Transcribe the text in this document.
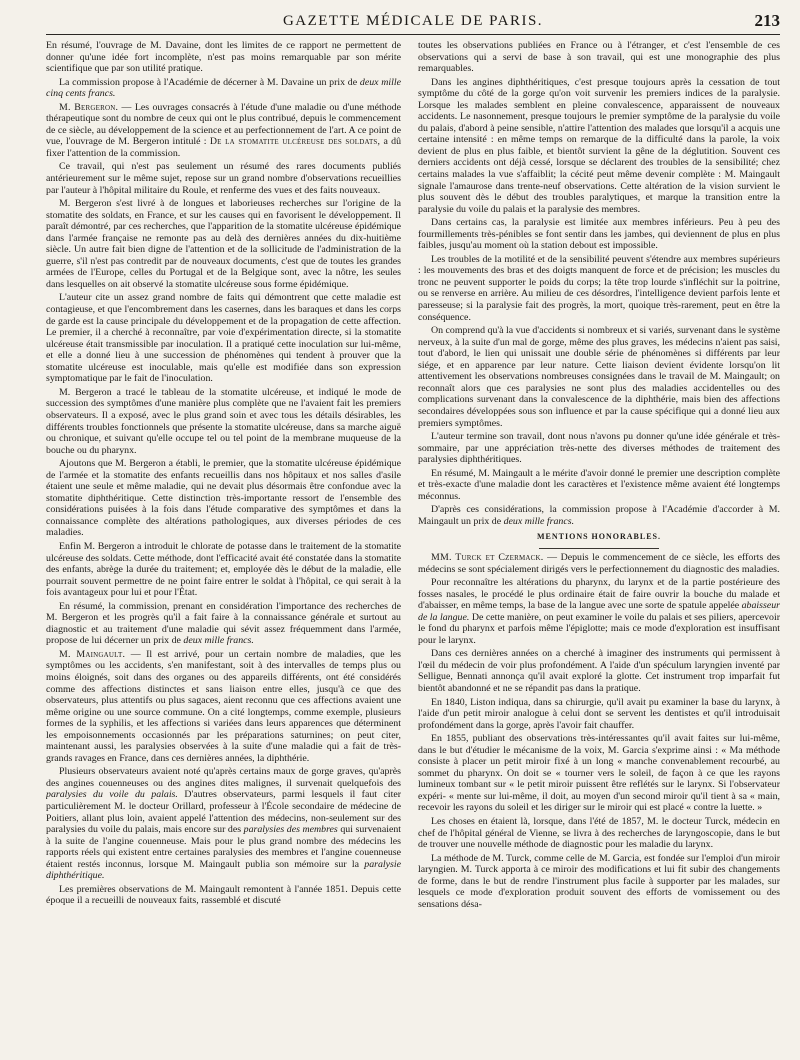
GAZETTE MÉDICALE DE PARIS.	213

En résumé, l'ouvrage de M. Davaine, dont les limites de ce rapport ne permettent de donner qu'une idée fort incomplète, n'est pas moins remarquable par son mérite scientifique que par son utilité pratique.

La commission propose à l'Académie de décerner à M. Davaine un prix de deux mille cinq cents francs.

M. Bergeron. — Les ouvrages consacrés à l'étude d'une maladie ou d'une méthode thérapeutique sont du nombre de ceux qui ont le plus contribué, depuis le commencement de ce siècle, au développement de la science et au perfectionnement de l'art. A ce point de vue, l'ouvrage de M. Bergeron intitulé : De la stomatite ulcéreuse des soldats, a dû fixer l'attention de la commission.

Ce travail, qui n'est pas seulement un résumé des rares documents publiés antérieurement sur le même sujet, repose sur un grand nombre d'observations recueillies par l'auteur à l'hôpital militaire du Roule, et renferme des vues et des faits nouveaux.

M. Bergeron s'est livré à de longues et laborieuses recherches sur l'origine de la stomatite des soldats, en France, et sur les causes qui en favorisent le développement. Il paraît démontré, par ces recherches, que l'apparition de la stomatite ulcéreuse épidémique dans l'armée française ne remonte pas au delà des dernières années du dix-huitième siècle. Un autre fait bien digne de l'attention et de la sollicitude de l'administration de la guerre, s'il n'est pas contredit par de nouveaux documents, c'est que de toutes les grandes armées de l'Europe, celles du Portugal et de la Belgique sont, avec la nôtre, les seules dans lesquelles on ait observé la stomatite ulcéreuse sous forme épidémique.

L'auteur cite un assez grand nombre de faits qui démontrent que cette maladie est contagieuse, et que l'encombrement dans les casernes, dans les baraques et dans les corps de garde est la cause principale du développement et de la propagation de cette affection. Le premier, il a cherché à reconnaître, par voie d'expérimentation directe, si la stomatite ulcéreuse était transmissible par inoculation. Il a pratiqué cette inoculation sur lui-même, et elle a donné lieu à une succession de phénomènes qui tendent à prouver que la stomatite ulcéreuse est inoculable, mais qu'elle est modifiée dans son expression symptomatique par le fait de l'inoculation.

M. Bergeron a tracé le tableau de la stomatite ulcéreuse, et indiqué le mode de succession des symptômes d'une manière plus complète que ne l'avaient fait les premiers observateurs. Il a exposé, avec le plus grand soin et avec tous les détails désirables, les différents troubles fonctionnels que présente la stomatite ulcéreuse, dans sa marche aiguë ou chronique, et suivant qu'elle occupe tel ou tel point de la membrane muqueuse de la bouche ou du pharynx.

Ajoutons que M. Bergeron a établi, le premier, que la stomatite ulcéreuse épidémique de l'armée et la stomatite des enfants recueillis dans nos hôpitaux et nos salles d'asile étaient une seule et même maladie, qui ne devait plus désormais être confondue avec la stomatite diphthéritique. Cette distinction très-importante ressort de l'ensemble des considérations puisées à la fois dans l'étude comparative des symptômes et dans la connaissance complète des altérations pathologiques, aux diverses périodes de ces maladies.

Enfin M. Bergeron a introduit le chlorate de potasse dans le traitement de la stomatite ulcéreuse des soldats. Cette méthode, dont l'efficacité avait été constatée dans la stomatite des enfants, abrège la durée du traitement; et, employée dès le début de la maladie, elle pourrait souvent permettre de ne point faire entrer le soldat à l'hôpital, ce qui serait à la fois avantageux pour lui et pour l'État.

En résumé, la commission, prenant en considération l'importance des recherches de M. Bergeron et les progrès qu'il a fait faire à la connaissance générale et surtout au diagnostic et au traitement d'une maladie qui sévit assez fréquemment dans l'armée, propose de lui décerner un prix de deux mille francs.

M. Maingault. — Il est arrivé, pour un certain nombre de maladies, que les symptômes ou les accidents, s'en manifestant, soit à des intervalles de temps plus ou moins éloignés, soit dans des organes ou des appareils différents, ont été considérés comme des affections distinctes et sans liaison entre elles, jusqu'à ce que des observateurs, plus attentifs ou plus sagaces, aient reconnu que ces affections avaient une même origine ou une source commune. On a cité longtemps, comme exemple, plusieurs formes de la syphilis, et les affections si variées dans leurs apparences que déterminent les empoisonnements occasionnés par les préparations saturnines; on peut citer, maintenant aussi, les paralysies observées à la suite d'une maladie qui a fait de très-grands ravages en France, dans ces dernières années, la diphthérie.

Plusieurs observateurs avaient noté qu'après certains maux de gorge graves, qu'après des angines couenneuses ou des angines dites malignes, il survenait quelquefois des paralysies du voile du palais. D'autres observateurs, parmi lesquels il faut citer particulièrement M. le docteur Orillard, professeur à l'École secondaire de médecine de Poitiers, allant plus loin, avaient appelé l'attention des médecins, non-seulement sur des paralysies du voile du palais, mais encore sur des paralysies des membres qui survenaient à la suite de l'angine couenneuse. Mais pour le plus grand nombre des médecins les rapports réels qui existent entre certaines paralysies des membres et l'angine couenneuse étaient restés inconnus, lorsque M. Maingault publia son mémoire sur la paralysie diphthéritique.

Les premières observations de M. Maingault remontent à l'année 1851. Depuis cette époque il a recueilli de nouveaux faits, rassemblé et discuté

toutes les observations publiées en France ou à l'étranger, et c'est l'ensemble de ces observations qui a servi de base à son travail, qui est une monographie des plus remarquables.

Dans les angines diphthéritiques, c'est presque toujours après la cessation de tout symptôme du côté de la gorge qu'on voit survenir les premiers indices de la paralysie. Lorsque les malades semblent en pleine convalescence, apparaissent de nouveaux accidents. Le nasonnement, presque toujours le premier symptôme de la paralysie du voile du palais, d'abord à peine sensible, n'attire l'attention des malades que lorsqu'il a acquis une certaine intensité : en même temps on remarque de la difficulté dans la parole, la voix devient de plus en plus faible, et bientôt survient la gêne de la déglutition. Souvent ces derniers accidents ont déjà cessé, lorsque se déclarent des troubles de la sensibilité; chez certains malades la vue s'affaiblit; la cécité peut même devenir complète : M. Maingault signale l'amaurose dans trente-neuf observations. Cette altération de la vision survient le plus souvent dès le début des troubles paralytiques, et marque la transition entre la paralysie du voile du palais et la paralysie des membres.

Dans certains cas, la paralysie est limitée aux membres inférieurs. Peu à peu des fourmillements très-pénibles se font sentir dans les jambes, qui deviennent de plus en plus faibles, jusqu'au moment où la station debout est impossible.

Les troubles de la motilité et de la sensibilité peuvent s'étendre aux membres supérieurs : les mouvements des bras et des doigts manquent de force et de précision; les muscles du tronc ne peuvent supporter le poids du corps; la tête trop lourde s'infléchit sur la poitrine, ou se renverse en arrière. Au milieu de ces désordres, l'intelligence devient parfois lente et paresseuse; si la paralysie fait des progrès, la mort, quoique très-rarement, peut en être la conséquence.

On comprend qu'à la vue d'accidents si nombreux et si variés, survenant dans le système nerveux, à la suite d'un mal de gorge, même des plus graves, les médecins n'aient pas saisi, tout d'abord, le lien qui unissait une double série de phénomènes si différents par leur siége, et en apparence par leur nature. Cette liaison devient évidente lorsqu'on lit attentivement les observations nombreuses consignées dans le travail de M. Maingault; on reconnaît alors que ces paralysies ne sont plus des maladies accidentelles ou des complications survenant dans la convalescence de la diphthérie, mais bien des affections secondaires développées sous son influence et par la cause spécifique qui a donné lieu aux premiers symptômes.

L'auteur termine son travail, dont nous n'avons pu donner qu'une idée générale et très-sommaire, par une appréciation très-nette des diverses méthodes de traitement des paralysies diphthéritiques.

En résumé, M. Maingault a le mérite d'avoir donné le premier une description complète et très-exacte d'une maladie dont les caractères et l'existence même avaient été longtemps méconnus.

D'après ces considérations, la commission propose à l'Académie d'accorder à M. Maingault un prix de deux mille francs.

MENTIONS HONORABLES.

MM. Turck et Czermack. — Depuis le commencement de ce siècle, les efforts des médecins se sont spécialement dirigés vers le perfectionnement du diagnostic des maladies.

Pour reconnaître les altérations du pharynx, du larynx et de la partie postérieure des fosses nasales, le procédé le plus ordinaire était de faire ouvrir la bouche du malade et d'abaisser, en même temps, la base de la langue avec une sorte de spatule appelée abaisseur de la langue. De cette manière, on peut examiner le voile du palais et ses piliers, apercevoir le fond du pharynx et parfois même l'épiglotte; mais ce mode d'exploration est insuffisant pour le larynx.

Dans ces dernières années on a cherché à imaginer des instruments qui permissent à l'œil du médecin de voir plus profondément. A l'aide d'un spéculum laryngien inventé par Selligue, Bennati annonça qu'il avait exploré la glotte. Cet instrument trop imparfait fut bientôt abandonné et ne se répandit pas dans la pratique.

En 1840, Liston indiqua, dans sa chirurgie, qu'il avait pu examiner la base du larynx, à l'aide d'un petit miroir analogue à celui dont se servent les dentistes et qu'il introduisait profondément dans la gorge, après l'avoir fait chauffer.

En 1855, publiant des observations très-intéressantes qu'il avait faites sur lui-même, dans le but d'étudier le mécanisme de la voix, M. Garcia s'exprime ainsi : « Ma méthode consiste à placer un petit miroir fixé à un long « manche convenablement recourbé, au sommet du pharynx. On doit se « tourner vers le soleil, de façon à ce que les rayons lumineux tombant sur « le petit miroir puissent être reflétés sur le larynx. Si l'observateur expéri- « mente sur lui-même, il doit, au moyen d'un second miroir qu'il tient à sa « main, recevoir les rayons du soleil et les diriger sur le miroir qui est placé « contre la luette. »

Les choses en étaient là, lorsque, dans l'été de 1857, M. le docteur Turck, médecin en chef de l'hôpital général de Vienne, se livra à des recherches de laryngoscopie, dans le but de trouver une nouvelle méthode de diagnostic pour les maladie du larynx.

La méthode de M. Turck, comme celle de M. Garcia, est fondée sur l'emploi d'un miroir laryngien. M. Turck apporta à ce miroir des modifications et lui fit subir des changements de forme, dans le but de rendre l'instrument plus facile à supporter par les malades, sur lesquels ce mode d'exploration produit souvent des efforts de vomissement ou des sensations désa-
